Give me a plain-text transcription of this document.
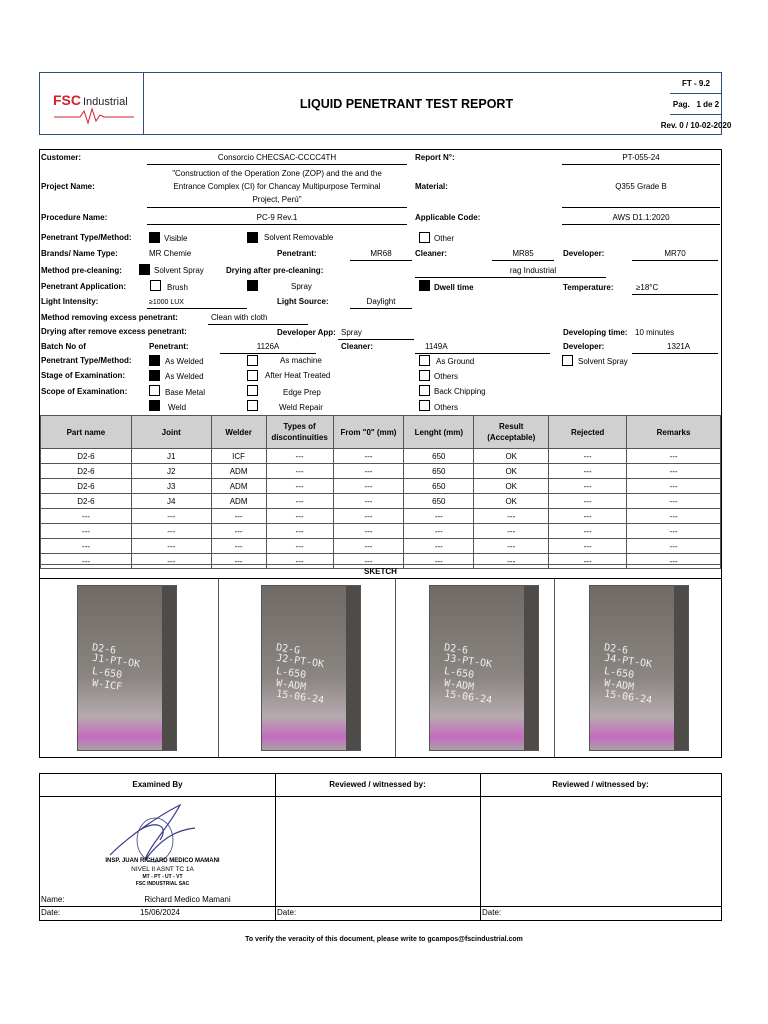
FSC Industrial	LIQUID PENETRANT TEST REPORT
FT - 9.2
Pag.
1 de 2
Rev. 0 / 10-02-2020
Customer:	Consorcio CHECSAC-CCCC4TH	Report N°:	PT-055-24
Project Name:
"Construction of the Operation Zone (ZOP) and the and the
Entrance Complex (CI) for Chancay Multipurpose Terminal
Project, Perú"
Material:	Q355 Grade B
Procedure Name:	PC-9 Rev.1	Applicable Code:	AWS D1.1:2020
Penetrant Type/Method:	Visible	Solvent Removable	Other
Brands/ Name Type:	MR Chemie	Penetrant:	MR68	Cleaner:	MR85	Developer:	MR70
Method pre-cleaning:	Solvent Spray	Drying after pre-cleaning:	rag Industrial
Penetrant Application:	Brush	Spray	Dwell time	Temperature:	≥18°C
Light Intensity:	≥1000 LUX	Light Source:	Daylight
Method removing excess penetrant:	Clean with cloth
Drying after remove excess penetrant:	Developer App: Spray	Developing time: 10 minutes
Batch No of	Penetrant:	1126A	Cleaner:	1149A	Developer:	1321A
Penetrant Type/Method:	As Welded	As machine	As Ground	Solvent Spray
Stage of Examination:	As Welded	After Heat Treated	Others
Scope of Examination:	Base Metal	Edge Prep	Back Chipping
Weld	Weld Repair	Others
Part name	Joint	Welder	Types of discontinuities	From "0" (mm)	Lenght (mm)	Result (Acceptable)	Rejected	Remarks
D2-6	J1	ICF	---	---	650	OK	---	---
D2-6	J2	ADM	---	---	650	OK	---	---
D2-6	J3	ADM	---	---	650	OK	---	---
D2-6	J4	ADM	---	---	650	OK	---	---
---	---	---	---	---	---	---	---	---
---	---	---	---	---	---	---	---	---
---	---	---	---	---	---	---	---	---
---	---	---	---	---	---	---	---	---
SKETCH
D2-6
J1-PT-OK
L-650
W-ICF
D2-G
J2-PT-OK
L-650
W-ADM
15-06-24
D2-6
J3-PT-OK
L-650
W-ADM
15-06-24
D2-6
J4-PT-OK
L-650
W-ADM
15-06-24
Examined By	Reviewed / witnessed by:	Reviewed / witnessed by:
INSP. JUAN RICHARD MEDICO MAMANI
NIVEL II ASNT TC 1A
MT - PT - UT - VT
FSC INDUSTRIAL SAC
Name:	Richard Medico Mamani
Date:	15/06/2024	Date:	Date:
To verify the veracity of this document, please write to gcampos@fscindustrial.com
